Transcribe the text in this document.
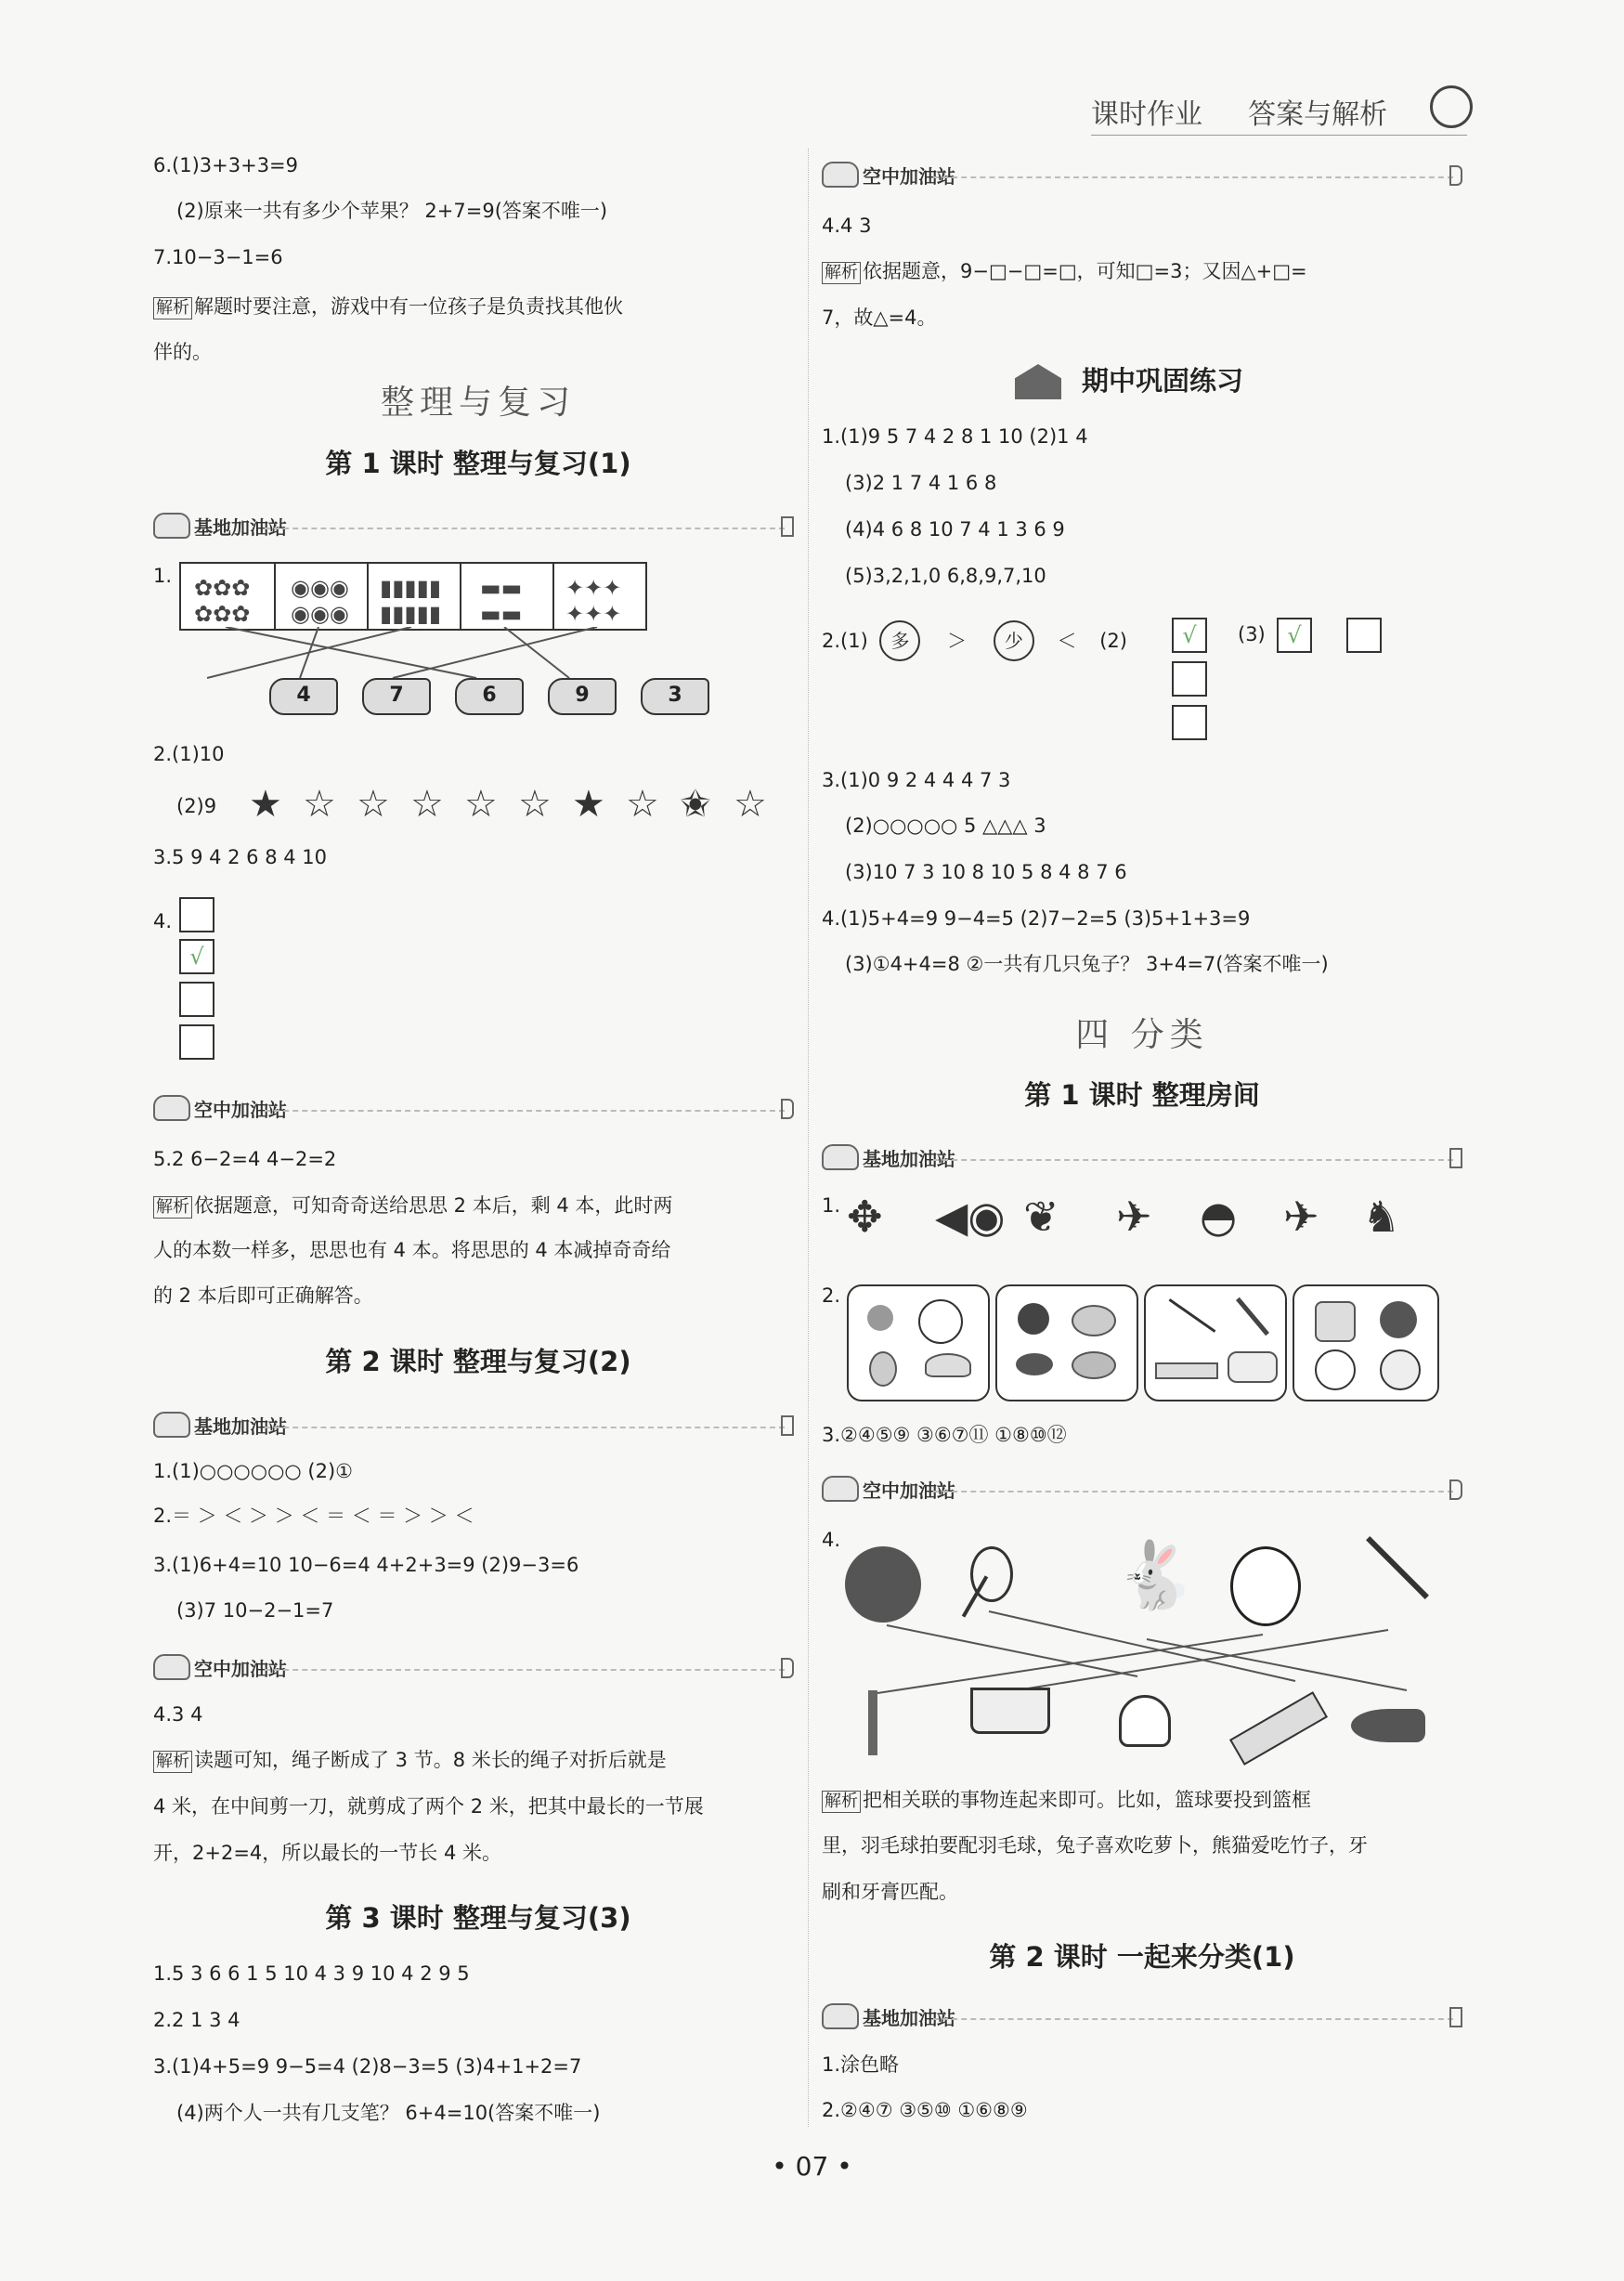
课时作业 答案与解析
6.(1)3+3+3=9
(2)原来一共有多少个苹果？ 2+7=9(答案不唯一)
7.10−3−1=6
解析 解题时要注意，游戏中有一位孩子是负责找其他伙
伴的。
整理与复习
第 1 课时 整理与复习(1)
基地加油站
1. ✿✿✿
✿✿✿
◉◉◉
◉◉◉
▮▮▮▮▮
▮▮▮▮▮
▬▬
▬▬
✦✦✦
✦✦✦
4	7	6	9	3
2.(1)10
(2)9 ★ ☆ ☆ ☆ ☆ ☆ ★ ☆ ✬ ☆
3.5 9 4 2 6 8 4 10
4.
√
空中加油站
5.2 6−2=4 4−2=2
解析 依据题意，可知奇奇送给思思 2 本后，剩 4 本，此时两
人的本数一样多，思思也有 4 本。将思思的 4 本减掉奇奇给
的 2 本后即可正确解答。
第 2 课时 整理与复习(2)
基地加油站
1.(1)○○○○○○ (2)①
2.＝ ＞ ＜ ＞ ＞ ＜ ＝ ＜ ＝ ＞ ＞ ＜
3.(1)6+4=10 10−6=4 4+2+3=9 (2)9−3=6
(3)7 10−2−1=7
空中加油站
4.3 4
解析 读题可知，绳子断成了 3 节。8 米长的绳子对折后就是
4 米，在中间剪一刀，就剪成了两个 2 米，把其中最长的一节展
开，2+2=4，所以最长的一节长 4 米。
第 3 课时 整理与复习(3)
1.5 3 6 6 1 5 10 4 3 9 10 4 2 9 5
2.2 1 3 4
3.(1)4+5=9 9−5=4 (2)8−3=5 (3)4+1+2=7
(4)两个人一共有几支笔？ 6+4=10(答案不唯一)
空中加油站
4.4 3
解析 依据题意，9−□−□=□，可知□=3；又因△+□=
7，故△=4。
期中巩固练习
1.(1)9 5 7 4 2 8 1 10 (2)1 4
(3)2 1 7 4 1 6 8
(4)4 6 8 10 7 4 1 3 6 9
(5)3,2,1,0 6,8,9,7,10
2.(1) 多 ＞ 少 ＜ (2)	√	(3) √
3.(1)0 9 2 4 4 4 7 3
(2)○○○○○ 5 △△△ 3
(3)10 7 3 10 8 10 5 8 4 8 7 6
4.(1)5+4=9 9−4=5 (2)7−2=5 (3)5+1+3=9
(3)①4+4=8 ②一共有几只兔子？ 3+4=7(答案不唯一)
四 分类
第 1 课时 整理房间
基地加油站
1. ✥ ◀◉ ❦ ✈ ◓ ✈ ♞
2.
3.②④⑤⑨ ③⑥⑦⑪ ①⑧⑩⑫
空中加油站
4.	🐇
解析 把相关联的事物连起来即可。比如，篮球要投到篮框
里，羽毛球拍要配羽毛球，兔子喜欢吃萝卜，熊猫爱吃竹子，牙
刷和牙膏匹配。
第 2 课时 一起来分类(1)
基地加油站
1.涂色略
2.②④⑦ ③⑤⑩ ①⑥⑧⑨
• 07 •
